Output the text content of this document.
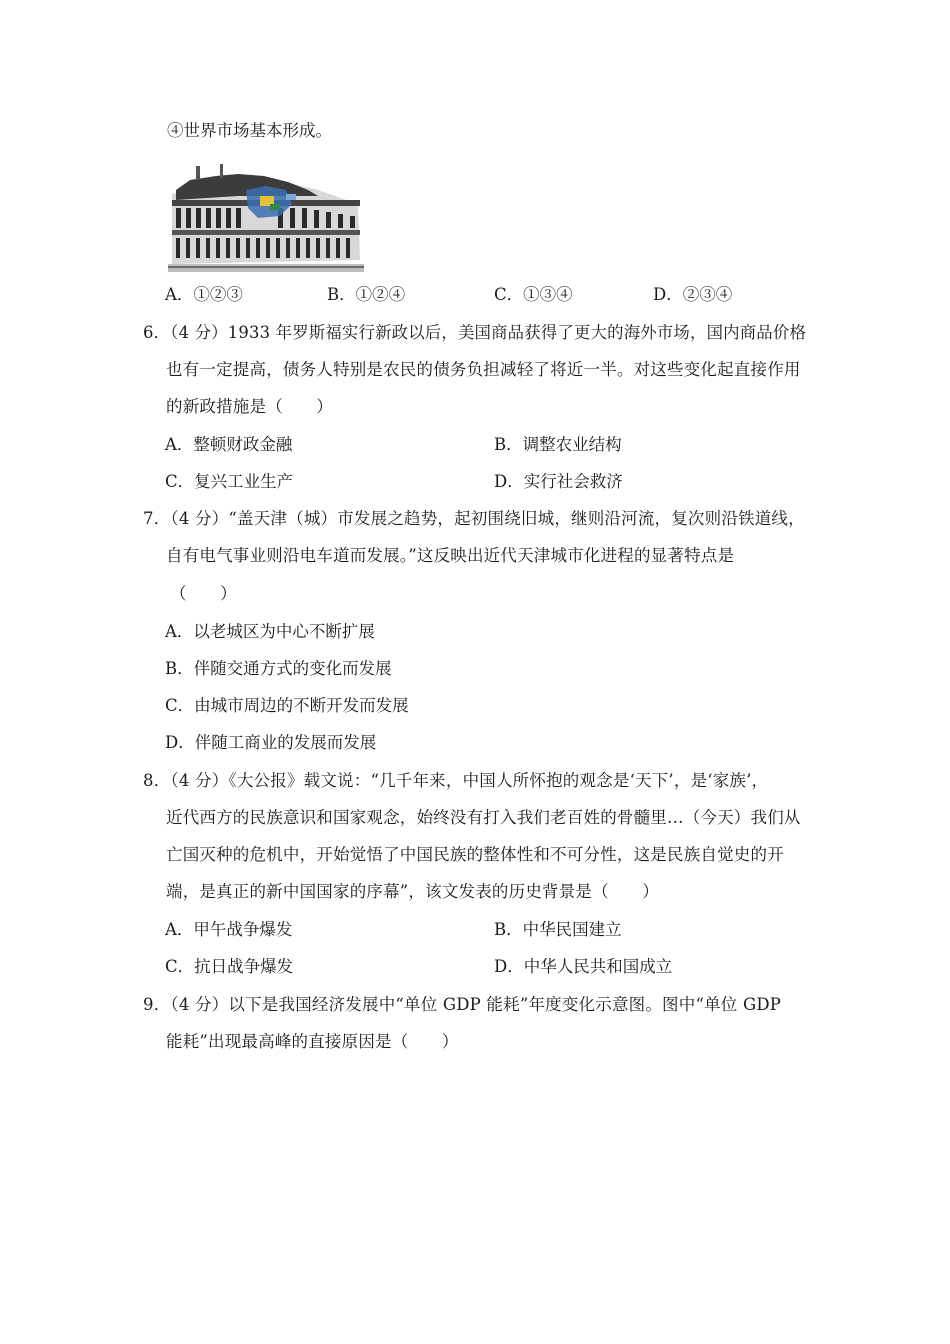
④世界市场基本形成。
A．①②③	B．①②④	C．①③④	D．②③④
6．（4 分）1933 年罗斯福实行新政以后，美国商品获得了更大的海外市场，国内商品价格
也有一定提高，债务人特别是农民的债务负担减轻了将近一半。对这些变化起直接作用
的新政措施是（　　）
A．整顿财政金融	B．调整农业结构
C．复兴工业生产	D．实行社会救济
7．（4 分）“盖天津（城）市发展之趋势，起初围绕旧城，继则沿河流，复次则沿铁道线，
自有电气事业则沿电车道而发展。”这反映出近代天津城市化进程的显著特点是
（　　）
A．以老城区为中心不断扩展
B．伴随交通方式的变化而发展
C．由城市周边的不断开发而发展
D．伴随工商业的发展而发展
8．（4 分）《大公报》载文说：“几千年来，中国人所怀抱的观念是‘天下’，是‘家族’，
近代西方的民族意识和国家观念，始终没有打入我们老百姓的骨髓里…（今天）我们从
亡国灭种的危机中，开始觉悟了中国民族的整体性和不可分性，这是民族自觉史的开
端，是真正的新中国国家的序幕”，该文发表的历史背景是（　　）
A．甲午战争爆发	B．中华民国建立
C．抗日战争爆发	D．中华人民共和国成立
9．（4 分）以下是我国经济发展中“单位 GDP 能耗”年度变化示意图。图中“单位 GDP
能耗”出现最高峰的直接原因是（　　）
